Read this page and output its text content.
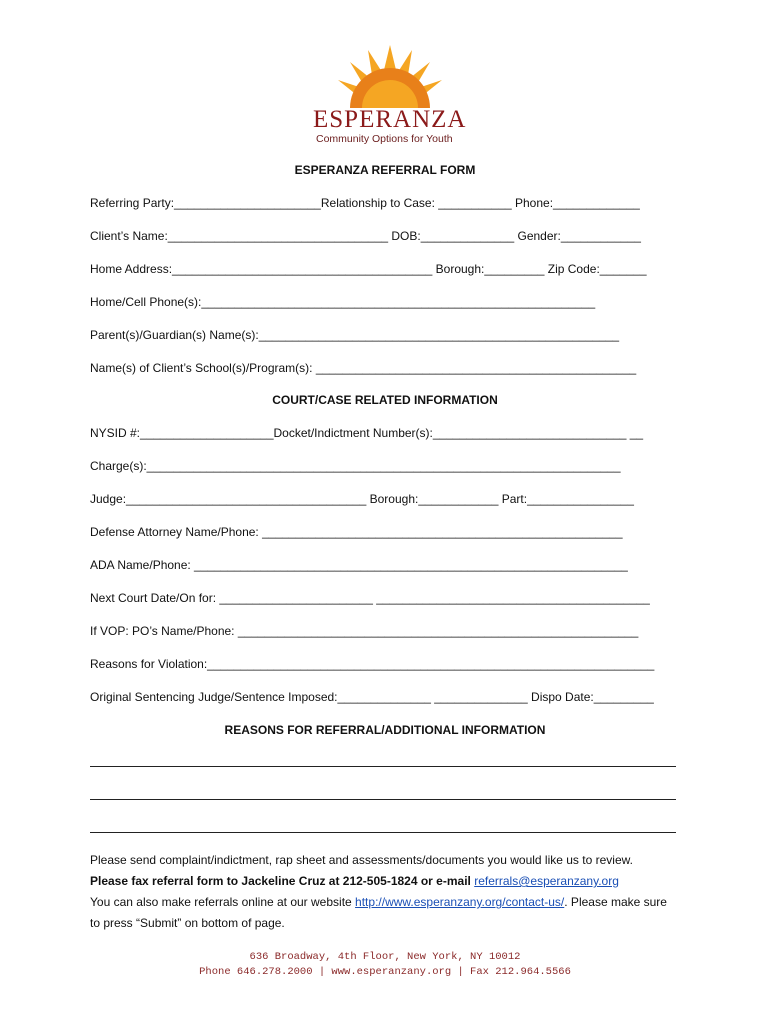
ESPERANZA
Community Options for Youth
ESPERANZA REFERRAL FORM
Referring Party:______________________Relationship to Case: ___________ Phone:_____________
Client’s Name:_________________________________ DOB:______________ Gender:____________
Home Address:_______________________________________ Borough:_________ Zip Code:_______
Home/Cell Phone(s):___________________________________________________________
Parent(s)/Guardian(s) Name(s):______________________________________________________
Name(s) of Client’s School(s)/Program(s): ________________________________________________
COURT/CASE RELATED INFORMATION
NYSID #:____________________Docket/Indictment Number(s):_____________________________ __
Charge(s):_______________________________________________________________________
Judge:____________________________________ Borough:____________ Part:________________
Defense Attorney Name/Phone: ______________________________________________________
ADA Name/Phone: _________________________________________________________________
Next Court Date/On for: _______________________ _________________________________________
If VOP: PO’s Name/Phone: ____________________________________________________________
Reasons for Violation:___________________________________________________________________
Original Sentencing Judge/Sentence Imposed:______________ ______________ Dispo Date:_________
REASONS FOR REFERRAL/ADDITIONAL INFORMATION
Please send complaint/indictment, rap sheet and assessments/documents you would like us to review.
Please fax referral form to Jackeline Cruz at 212-505-1824 or e-mail referrals@esperanzany.org
You can also make referrals online at our website http://www.esperanzany.org/contact-us/. Please make sure to press “Submit” on bottom of page.
636 Broadway, 4th Floor, New York, NY 10012
Phone 646.278.2000 | www.esperanzany.org | Fax 212.964.5566
